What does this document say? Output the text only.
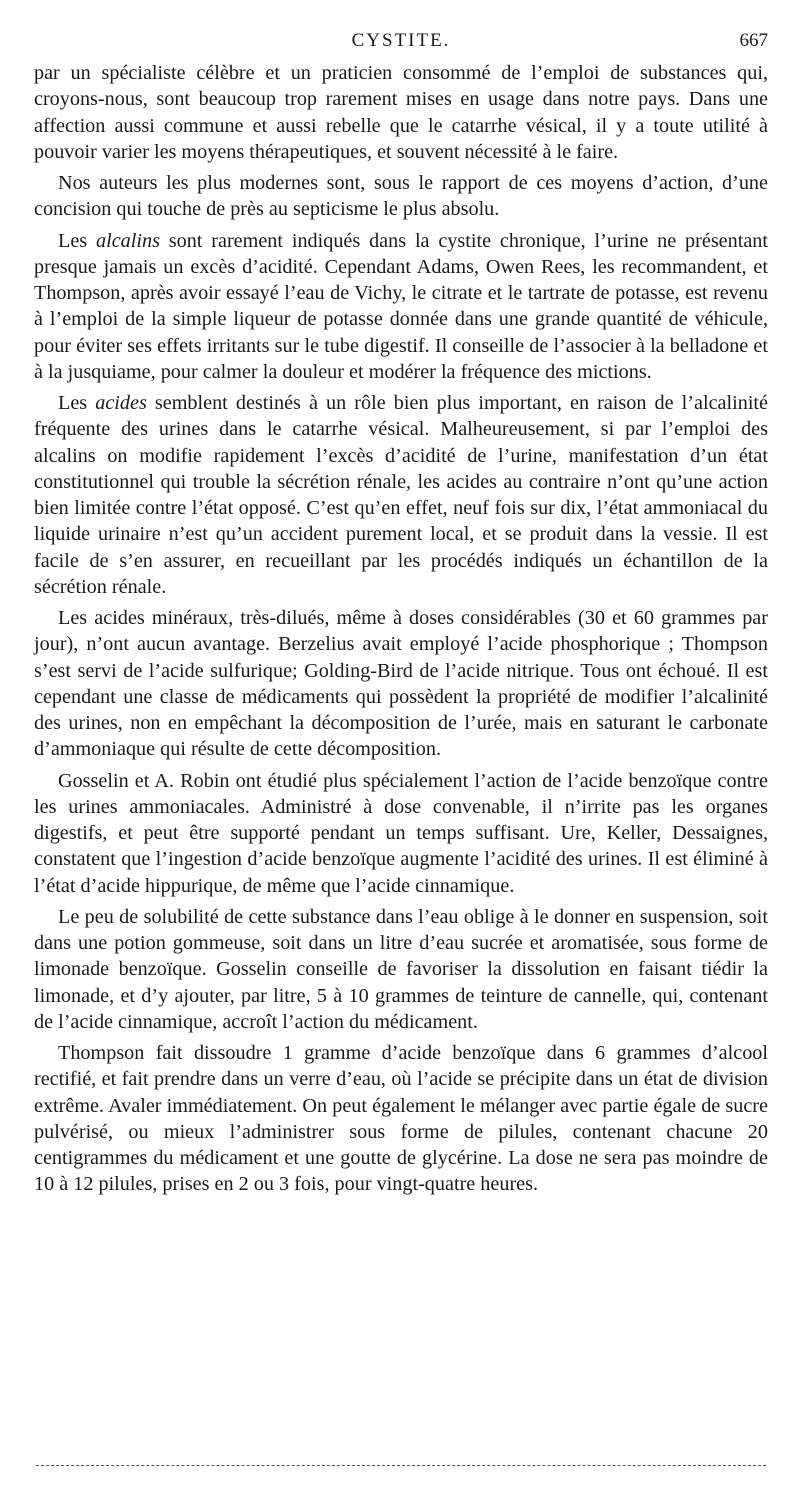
CYSTITE.	667

par un spécialiste célèbre et un praticien consommé de l’emploi de substances qui, croyons-nous, sont beaucoup trop rarement mises en usage dans notre pays. Dans une affection aussi commune et aussi rebelle que le catarrhe vésical, il y a toute utilité à pouvoir varier les moyens thérapeutiques, et souvent nécessité à le faire.

Nos auteurs les plus modernes sont, sous le rapport de ces moyens d’action, d’une concision qui touche de près au septicisme le plus absolu.

Les alcalins sont rarement indiqués dans la cystite chronique, l’urine ne présentant presque jamais un excès d’acidité. Cependant Adams, Owen Rees, les recommandent, et Thompson, après avoir essayé l’eau de Vichy, le citrate et le tartrate de potasse, est revenu à l’emploi de la simple liqueur de potasse donnée dans une grande quantité de véhicule, pour éviter ses effets irritants sur le tube digestif. Il conseille de l’associer à la belladone et à la jusquiame, pour calmer la douleur et modérer la fréquence des mictions.

Les acides semblent destinés à un rôle bien plus important, en raison de l’alcalinité fréquente des urines dans le catarrhe vésical. Malheureusement, si par l’emploi des alcalins on modifie rapidement l’excès d’acidité de l’urine, manifestation d’un état constitutionnel qui trouble la sécrétion rénale, les acides au contraire n’ont qu’une action bien limitée contre l’état opposé. C’est qu’en effet, neuf fois sur dix, l’état ammoniacal du liquide urinaire n’est qu’un accident purement local, et se produit dans la vessie. Il est facile de s’en assurer, en recueillant par les procédés indiqués un échantillon de la sécrétion rénale.

Les acides minéraux, très-dilués, même à doses considérables (30 et 60 grammes par jour), n’ont aucun avantage. Berzelius avait employé l’acide phosphorique ; Thompson s’est servi de l’acide sulfurique; Golding-Bird de l’acide nitrique. Tous ont échoué. Il est cependant une classe de médicaments qui possèdent la propriété de modifier l’alcalinité des urines, non en empêchant la décomposition de l’urée, mais en saturant le carbonate d’ammoniaque qui résulte de cette décomposition.

Gosselin et A. Robin ont étudié plus spécialement l’action de l’acide benzoïque contre les urines ammoniacales. Administré à dose convenable, il n’irrite pas les organes digestifs, et peut être supporté pendant un temps suffisant. Ure, Keller, Dessaignes, constatent que l’ingestion d’acide benzoïque augmente l’acidité des urines. Il est éliminé à l’état d’acide hippurique, de même que l’acide cinnamique.

Le peu de solubilité de cette substance dans l’eau oblige à le donner en suspension, soit dans une potion gommeuse, soit dans un litre d’eau sucrée et aromatisée, sous forme de limonade benzoïque. Gosselin conseille de favoriser la dissolution en faisant tiédir la limonade, et d’y ajouter, par litre, 5 à 10 grammes de teinture de cannelle, qui, contenant de l’acide cinnamique, accroît l’action du médicament.

Thompson fait dissoudre 1 gramme d’acide benzoïque dans 6 grammes d’alcool rectifié, et fait prendre dans un verre d’eau, où l’acide se précipite dans un état de division extrême. Avaler immédiatement. On peut également le mélanger avec partie égale de sucre pulvérisé, ou mieux l’administrer sous forme de pilules, contenant chacune 20 centigrammes du médicament et une goutte de glycérine. La dose ne sera pas moindre de 10 à 12 pilules, prises en 2 ou 3 fois, pour vingt-quatre heures.
